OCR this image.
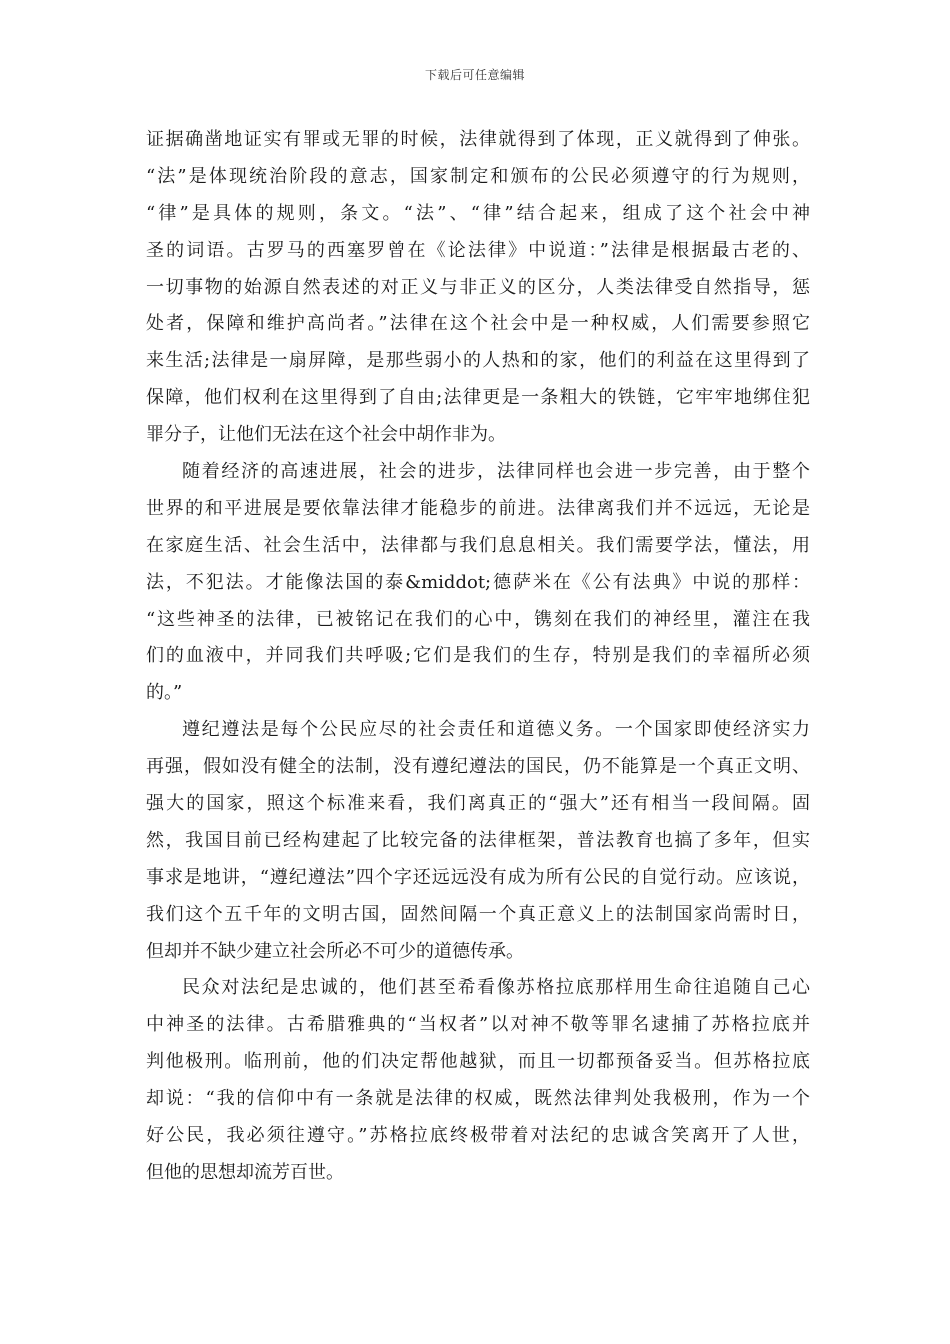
下载后可任意编辑
证据确凿地证实有罪或无罪的时候，法律就得到了体现，正义就得到了伸张。
“法”是体现统治阶段的意志，国家制定和颁布的公民必须遵守的行为规则，
“律”是具体的规则，条文。“法”、“律”结合起来，组成了这个社会中神
圣的词语。古罗马的西塞罗曾在《论法律》中说道：”法律是根据最古老的、
一切事物的始源自然表述的对正义与非正义的区分，人类法律受自然指导，惩
处者，保障和维护高尚者。”法律在这个社会中是一种权威，人们需要参照它
来生活;法律是一扇屏障，是那些弱小的人热和的家，他们的利益在这里得到了
保障，他们权利在这里得到了自由;法律更是一条粗大的铁链，它牢牢地绑住犯
罪分子，让他们无法在这个社会中胡作非为。
随着经济的高速进展，社会的进步，法律同样也会进一步完善，由于整个
世界的和平进展是要依靠法律才能稳步的前进。法律离我们并不远远，无论是
在家庭生活、社会生活中，法律都与我们息息相关。我们需要学法，懂法，用
法，不犯法。才能像法国的泰&middot;德萨米在《公有法典》中说的那样：
“这些神圣的法律，已被铭记在我们的心中，镌刻在我们的神经里，灌注在我
们的血液中，并同我们共呼吸;它们是我们的生存，特别是我们的幸福所必须
的。”
遵纪遵法是每个公民应尽的社会责任和道德义务。一个国家即使经济实力
再强，假如没有健全的法制，没有遵纪遵法的国民，仍不能算是一个真正文明、
强大的国家，照这个标准来看，我们离真正的“强大”还有相当一段间隔。固
然，我国目前已经构建起了比较完备的法律框架，普法教育也搞了多年，但实
事求是地讲，“遵纪遵法”四个字还远远没有成为所有公民的自觉行动。应该说，
我们这个五千年的文明古国，固然间隔一个真正意义上的法制国家尚需时日，
但却并不缺少建立社会所必不可少的道德传承。
民众对法纪是忠诚的，他们甚至希看像苏格拉底那样用生命往追随自己心
中神圣的法律。古希腊雅典的“当权者”以对神不敬等罪名逮捕了苏格拉底并
判他极刑。临刑前，他的们决定帮他越狱，而且一切都预备妥当。但苏格拉底
却说：“我的信仰中有一条就是法律的权威，既然法律判处我极刑，作为一个
好公民，我必须往遵守。”苏格拉底终极带着对法纪的忠诚含笑离开了人世，
但他的思想却流芳百世。
